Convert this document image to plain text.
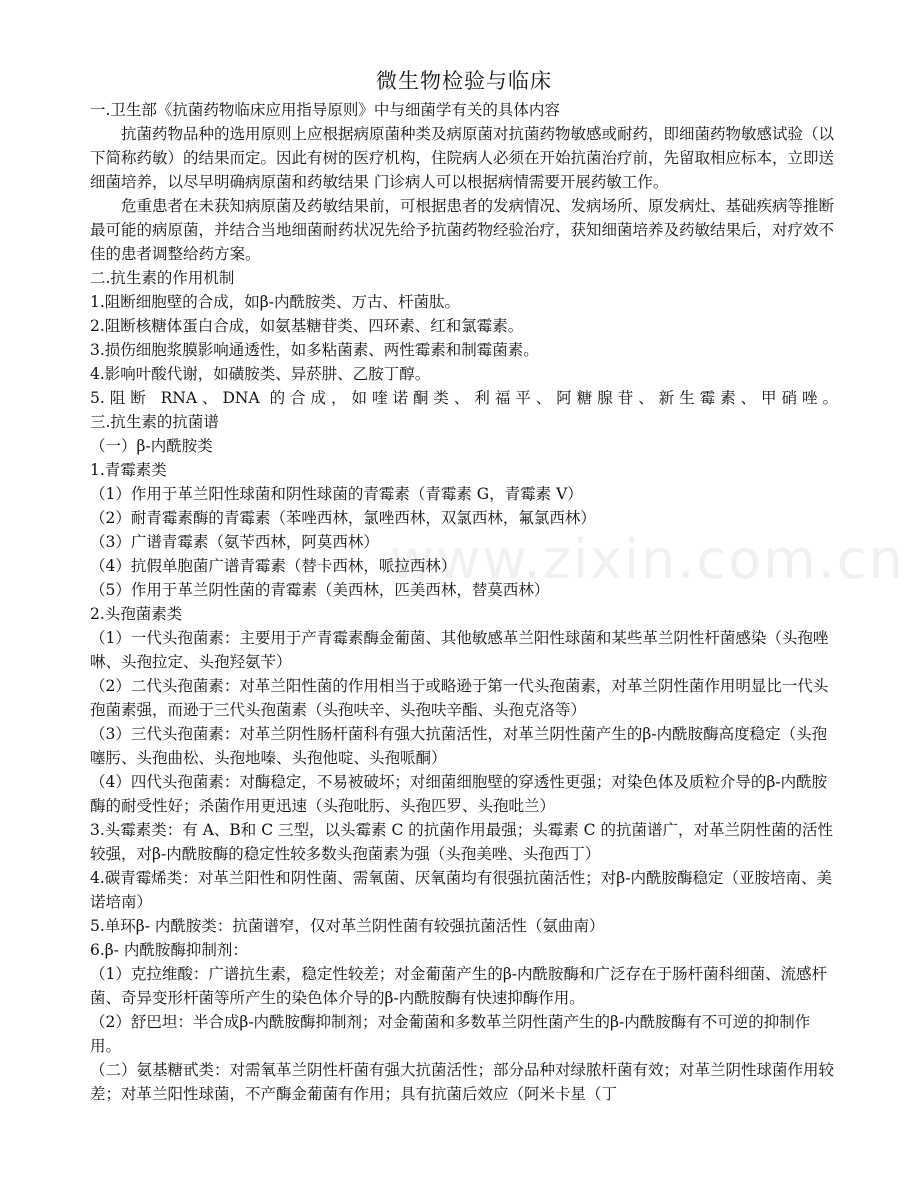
微生物检验与临床

一.卫生部《抗菌药物临床应用指导原则》中与细菌学有关的具体内容

抗菌药物品种的选用原则上应根据病原菌种类及病原菌对抗菌药物敏感或耐药，即细菌药物敏感试验（以下简称药敏）的结果而定。因此有树的医疗机构，住院病人必须在开始抗菌治疗前，先留取相应标本，立即送细菌培养，以尽早明确病原菌和药敏结果 门诊病人可以根据病情需要开展药敏工作。

危重患者在未获知病原菌及药敏结果前，可根据患者的发病情况、发病场所、原发病灶、基础疾病等推断最可能的病原菌，并结合当地细菌耐药状况先给予抗菌药物经验治疗，获知细菌培养及药敏结果后，对疗效不佳的患者调整给药方案。

二.抗生素的作用机制

1.阻断细胞壁的合成，如β-内酰胺类、万古、杆菌肽。

2.阻断核糖体蛋白合成，如氨基糖苷类、四环素、红和氯霉素。

3.损伤细胞浆膜影响通透性，如多粘菌素、两性霉素和制霉菌素。

4.影响叶酸代谢，如磺胺类、异菸肼、乙胺丁醇。

5.阻断 RNA、DNA 的合成，如喹诺酮类、利福平、阿糖腺苷、新生霉素、甲硝唑。

三.抗生素的抗菌谱

（一）β-内酰胺类

1.青霉素类

（1）作用于革兰阳性球菌和阴性球菌的青霉素（青霉素 G，青霉素 V）

（2）耐青霉素酶的青霉素（苯唑西林，氯唑西林，双氯西林，氟氯西林）

（3）广谱青霉素（氨苄西林，阿莫西林）

（4）抗假单胞菌广谱青霉素（替卡西林，哌拉西林）

（5）作用于革兰阴性菌的青霉素（美西林，匹美西林，替莫西林）

2.头孢菌素类

（1）一代头孢菌素：主要用于产青霉素酶金葡菌、其他敏感革兰阳性球菌和某些革兰阴性杆菌感染（头孢唑啉、头孢拉定、头孢羟氨苄）

（2）二代头孢菌素：对革兰阳性菌的作用相当于或略逊于第一代头孢菌素，对革兰阴性菌作用明显比一代头孢菌素强，而逊于三代头孢菌素（头孢呋辛、头孢呋辛酯、头孢克洛等）

（3）三代头孢菌素：对革兰阴性肠杆菌科有强大抗菌活性，对革兰阴性菌产生的β-内酰胺酶高度稳定（头孢噻肟、头孢曲松、头孢地嗪、头孢他啶、头孢哌酮）

（4）四代头孢菌素：对酶稳定，不易被破坏；对细菌细胞壁的穿透性更强；对染色体及质粒介导的β-内酰胺酶的耐受性好；杀菌作用更迅速（头孢吡肟、头孢匹罗、头孢吡兰）

3.头霉素类：有 A、B和 C 三型，以头霉素 C 的抗菌作用最强；头霉素 C 的抗菌谱广，对革兰阴性菌的活性较强，对β-内酰胺酶的稳定性较多数头孢菌素为强（头孢美唑、头孢西丁）

4.碳青霉烯类：对革兰阳性和阴性菌、需氧菌、厌氧菌均有很强抗菌活性；对β-内酰胺酶稳定（亚胺培南、美诺培南）

5.单环β- 内酰胺类：抗菌谱窄，仅对革兰阴性菌有较强抗菌活性（氨曲南）

6.β- 内酰胺酶抑制剂：

（1）克拉维酸：广谱抗生素，稳定性较差；对金葡菌产生的β-内酰胺酶和广泛存在于肠杆菌科细菌、流感杆菌、奇异变形杆菌等所产生的染色体介导的β-内酰胺酶有快速抑酶作用。

（2）舒巴坦：半合成β-内酰胺酶抑制剂；对金葡菌和多数革兰阴性菌产生的β-内酰胺酶有不可逆的抑制作用。

（二）氨基糖甙类：对需氧革兰阴性杆菌有强大抗菌活性；部分品种对绿脓杆菌有效；对革兰阴性球菌作用较差；对革兰阳性球菌，不产酶金葡菌有作用；具有抗菌后效应（阿米卡星（丁

www.zixin.com.cn
